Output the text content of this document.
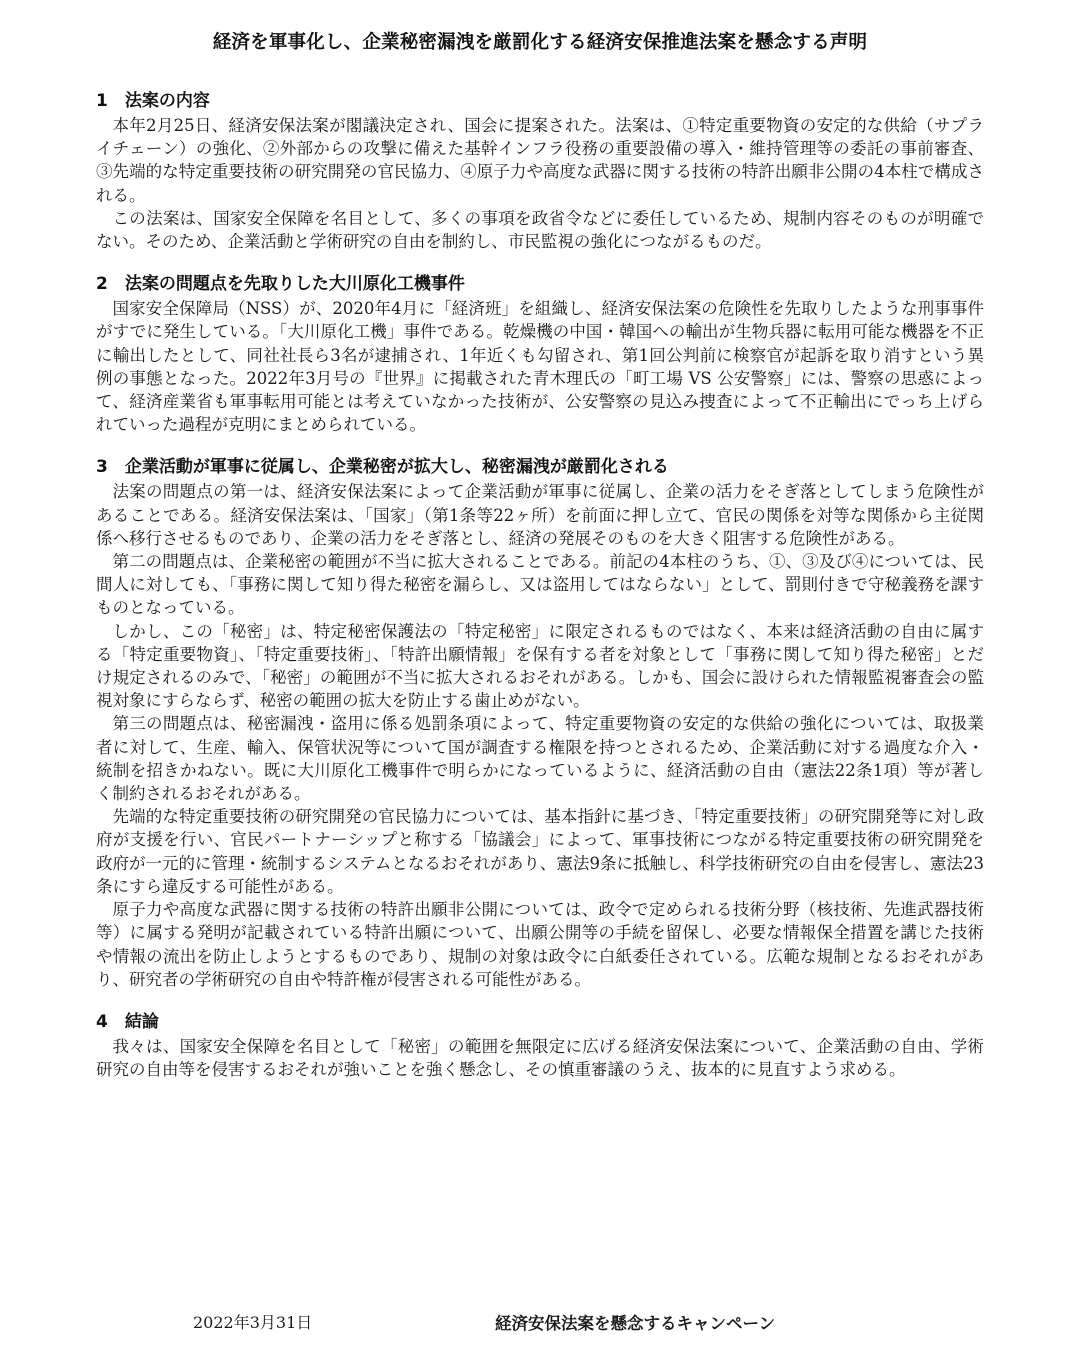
経済を軍事化し、企業秘密漏洩を厳罰化する経済安保推進法案を懸念する声明
1　法案の内容

本年2月25日、経済安保法案が閣議決定され、国会に提案された。法案は、①特定重要物資の安定的な供給（サプライチェーン）の強化、②外部からの攻撃に備えた基幹インフラ役務の重要設備の導入・維持管理等の委託の事前審査、③先端的な特定重要技術の研究開発の官民協力、④原子力や高度な武器に関する技術の特許出願非公開の4本柱で構成される。

この法案は、国家安全保障を名目として、多くの事項を政省令などに委任しているため、規制内容そのものが明確でない。そのため、企業活動と学術研究の自由を制約し、市民監視の強化につながるものだ。

2　法案の問題点を先取りした大川原化工機事件

国家安全保障局（NSS）が、2020年4月に「経済班」を組織し、経済安保法案の危険性を先取りしたような刑事事件がすでに発生している。「大川原化工機」事件である。乾燥機の中国・韓国への輸出が生物兵器に転用可能な機器を不正に輸出したとして、同社社長ら3名が逮捕され、1年近くも勾留され、第1回公判前に検察官が起訴を取り消すという異例の事態となった。2022年3月号の『世界』に掲載された青木理氏の「町工場 VS 公安警察」には、警察の思惑によって、経済産業省も軍事転用可能とは考えていなかった技術が、公安警察の見込み捜査によって不正輸出にでっち上げられていった過程が克明にまとめられている。

3　企業活動が軍事に従属し、企業秘密が拡大し、秘密漏洩が厳罰化される

法案の問題点の第一は、経済安保法案によって企業活動が軍事に従属し、企業の活力をそぎ落としてしまう危険性があることである。経済安保法案は、「国家」（第1条等22ヶ所）を前面に押し立て、官民の関係を対等な関係から主従関係へ移行させるものであり、企業の活力をそぎ落とし、経済の発展そのものを大きく阻害する危険性がある。

第二の問題点は、企業秘密の範囲が不当に拡大されることである。前記の4本柱のうち、①、③及び④については、民間人に対しても、「事務に関して知り得た秘密を漏らし、又は盗用してはならない」として、罰則付きで守秘義務を課すものとなっている。

しかし、この「秘密」は、特定秘密保護法の「特定秘密」に限定されるものではなく、本来は経済活動の自由に属する「特定重要物資」、「特定重要技術」、「特許出願情報」を保有する者を対象として「事務に関して知り得た秘密」とだけ規定されるのみで、「秘密」の範囲が不当に拡大されるおそれがある。しかも、国会に設けられた情報監視審査会の監視対象にすらならず、秘密の範囲の拡大を防止する歯止めがない。

第三の問題点は、秘密漏洩・盗用に係る処罰条項によって、特定重要物資の安定的な供給の強化については、取扱業者に対して、生産、輸入、保管状況等について国が調査する権限を持つとされるため、企業活動に対する過度な介入・統制を招きかねない。既に大川原化工機事件で明らかになっているように、経済活動の自由（憲法22条1項）等が著しく制約されるおそれがある。

先端的な特定重要技術の研究開発の官民協力については、基本指針に基づき、「特定重要技術」の研究開発等に対し政府が支援を行い、官民パートナーシップと称する「協議会」によって、軍事技術につながる特定重要技術の研究開発を政府が一元的に管理・統制するシステムとなるおそれがあり、憲法9条に抵触し、科学技術研究の自由を侵害し、憲法23条にすら違反する可能性がある。

原子力や高度な武器に関する技術の特許出願非公開については、政令で定められる技術分野（核技術、先進武器技術等）に属する発明が記載されている特許出願について、出願公開等の手続を留保し、必要な情報保全措置を講じた技術や情報の流出を防止しようとするものであり、規制の対象は政令に白紙委任されている。広範な規制となるおそれがあり、研究者の学術研究の自由や特許権が侵害される可能性がある。

4　結論

我々は、国家安全保障を名目として「秘密」の範囲を無限定に広げる経済安保法案について、企業活動の自由、学術研究の自由等を侵害するおそれが強いことを強く懸念し、その慎重審議のうえ、抜本的に見直すよう求める。

2022年3月31日	経済安保法案を懸念するキャンペーン
